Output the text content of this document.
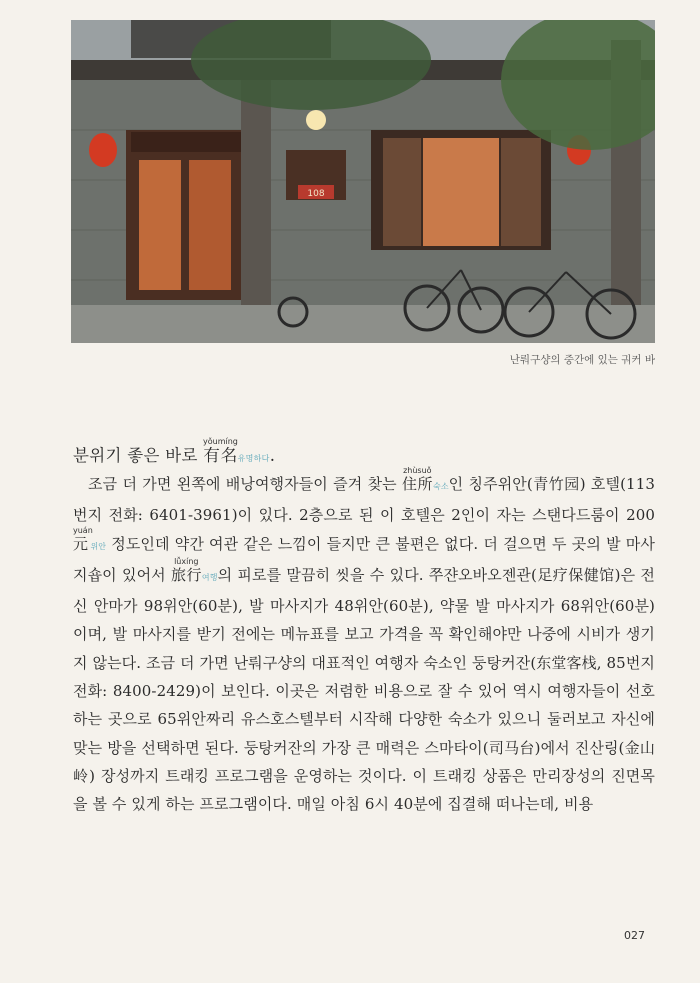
108
난뤄구샹의 중간에 있는 궈커 바
분위기 좋은 바로 有名yǒumíng유명하다.

조금 더 가면 왼쪽에 배낭여행자들이 즐겨 찾는 住所zhùsuǒ숙소인 칭주위안(青竹园) 호텔(113번지 전화: 6401-3961)이 있다. 2층으로 된 이 호텔은 2인이 자는 스탠다드룸이 200 元yuán위안 정도인데 약간 여관 같은 느낌이 들지만 큰 불편은 없다. 더 걸으면 두 곳의 발 마사지숍이 있어서 旅行lǚxíng여행의 피로를 말끔히 씻을 수 있다. 쭈쟌오바오젠관(足疗保健馆)은 전신 안마가 98위안(60분), 발 마사지가 48위안(60분), 약물 발 마사지가 68위안(60분)이며, 발 마사지를 받기 전에는 메뉴표를 보고 가격을 꼭 확인해야만 나중에 시비가 생기지 않는다. 조금 더 가면 난뤄구샹의 대표적인 여행자 숙소인 둥탕커잔(东堂客栈, 85번지 전화: 8400-2429)이 보인다. 이곳은 저렴한 비용으로 잘 수 있어 역시 여행자들이 선호하는 곳으로 65위안짜리 유스호스텔부터 시작해 다양한 숙소가 있으니 둘러보고 자신에 맞는 방을 선택하면 된다. 둥탕커잔의 가장 큰 매력은 스마타이(司马台)에서 진산링(金山岭) 장성까지 트래킹 프로그램을 운영하는 것이다. 이 트래킹 상품은 만리장성의 진면목을 볼 수 있게 하는 프로그램이다. 매일 아침 6시 40분에 집결해 떠나는데, 비용

027
